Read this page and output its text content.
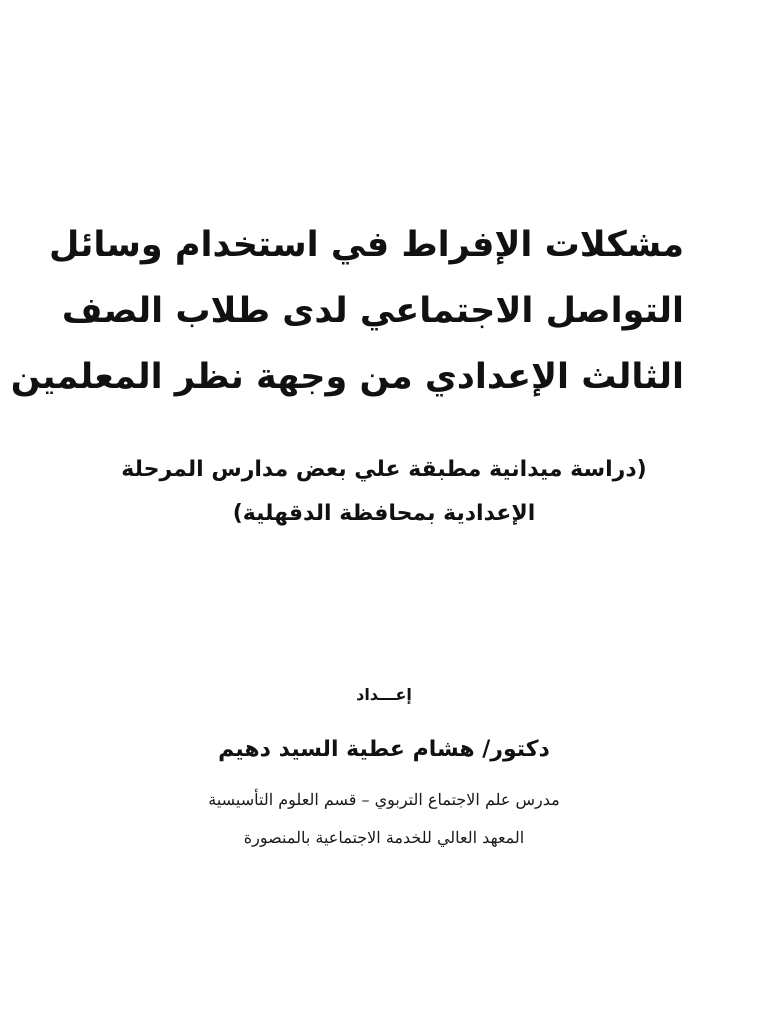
مشكلات الإفراط في استخدام وسائل
التواصل الاجتماعي لدى طلاب الصف
الثالث الإعدادي من وجهة نظر المعلمين
(دراسة ميدانية مطبقة علي بعض مدارس المرحلة
الإعدادية بمحافظة الدقهلية)
إعـــداد
دكتور/ هشام عطية السيد دهيم
مدرس علم الاجتماع التربوي – قسم العلوم التأسيسية
المعهد العالي للخدمة الاجتماعية بالمنصورة
